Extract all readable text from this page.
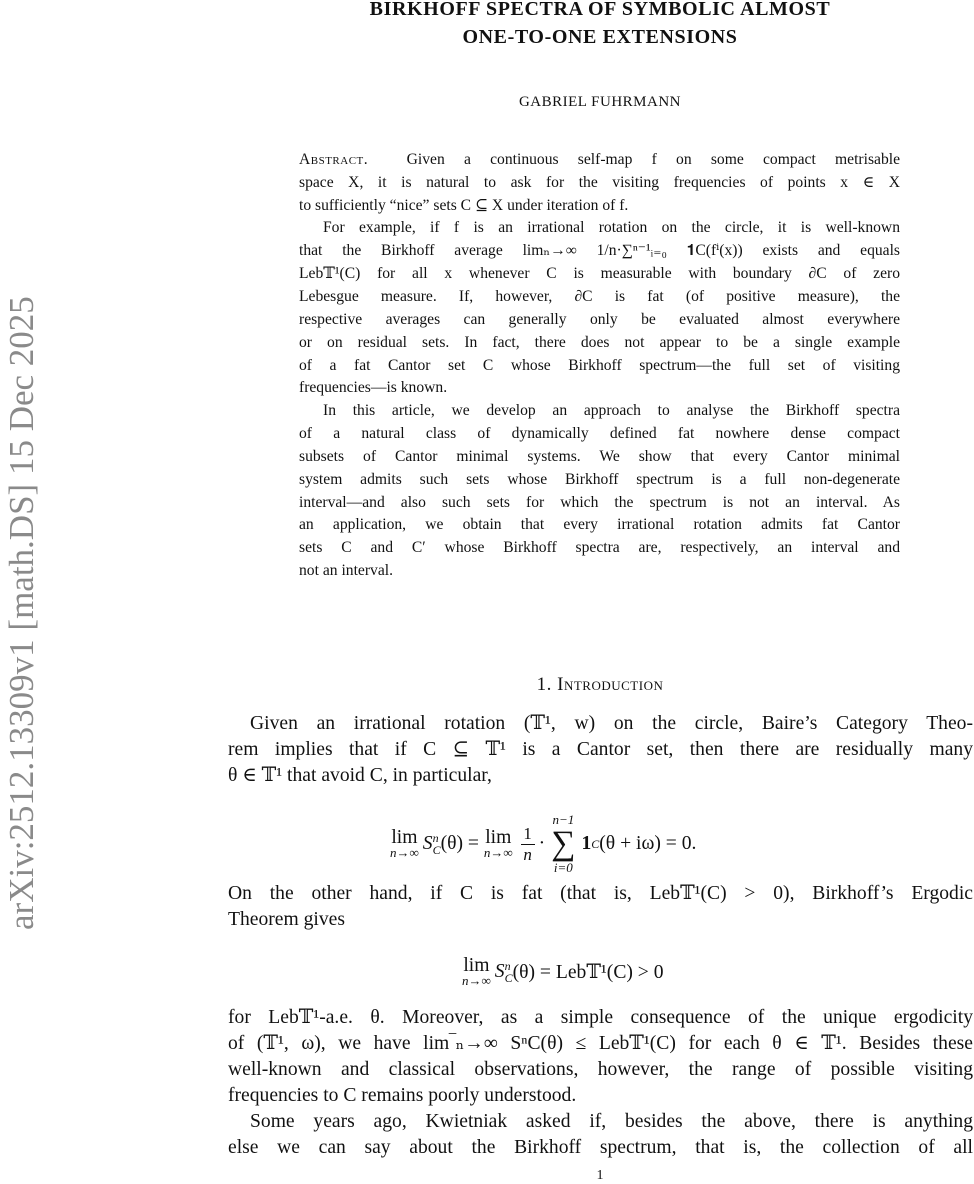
arXiv:2512.13309v1 [math.DS] 15 Dec 2025
BIRKHOFF SPECTRA OF SYMBOLIC ALMOST
ONE-TO-ONE EXTENSIONS
GABRIEL FUHRMANN
Abstract. Given a continuous self-map f on some compact metrisable
space X, it is natural to ask for the visiting frequencies of points x ∈ X
to sufficiently “nice” sets C ⊆ X under iteration of f.
For example, if f is an irrational rotation on the circle, it is well-known
that the Birkhoff average limₙ→∞ 1/n·∑ⁿ⁻¹ᵢ₌₀ 𝟏C(fⁱ(x)) exists and equals
Leb𝕋¹(C) for all x whenever C is measurable with boundary ∂C of zero
Lebesgue measure. If, however, ∂C is fat (of positive measure), the
respective averages can generally only be evaluated almost everywhere
or on residual sets. In fact, there does not appear to be a single example
of a fat Cantor set C whose Birkhoff spectrum—the full set of visiting
frequencies—is known.
In this article, we develop an approach to analyse the Birkhoff spectra
of a natural class of dynamically defined fat nowhere dense compact
subsets of Cantor minimal systems. We show that every Cantor minimal
system admits such sets whose Birkhoff spectrum is a full non-degenerate
interval—and also such sets for which the spectrum is not an interval. As
an application, we obtain that every irrational rotation admits fat Cantor
sets C and C′ whose Birkhoff spectra are, respectively, an interval and
not an interval.
1. Introduction
Given an irrational rotation (𝕋¹, w) on the circle, Baire’s Category Theo-
rem implies that if C ⊆ 𝕋¹ is a Cantor set, then there are residually many
θ ∈ 𝕋¹ that avoid C, in particular,
lim
n→∞ S n
C (θ) = lim
$n\to\infty \frac{1}{n}$ ·
n−1
∑
i=0
1 C (θ + iω) = 0.
On the other hand, if C is fat (that is, Leb𝕋¹(C) > 0), Birkhoff’s Ergodic
Theorem gives
lim
n→∞ S n
C (θ) = Leb𝕋¹(C) > 0
for Leb𝕋¹-a.e. θ. Moreover, as a simple consequence of the unique ergodicity
of (𝕋¹, ω), we have lim‾ₙ→∞ SⁿC(θ) ≤ Leb𝕋¹(C) for each θ ∈ 𝕋¹. Besides these
well-known and classical observations, however, the range of possible visiting
frequencies to C remains poorly understood.
Some years ago, Kwietniak asked if, besides the above, there is anything
else we can say about the Birkhoff spectrum, that is, the collection of all
1
